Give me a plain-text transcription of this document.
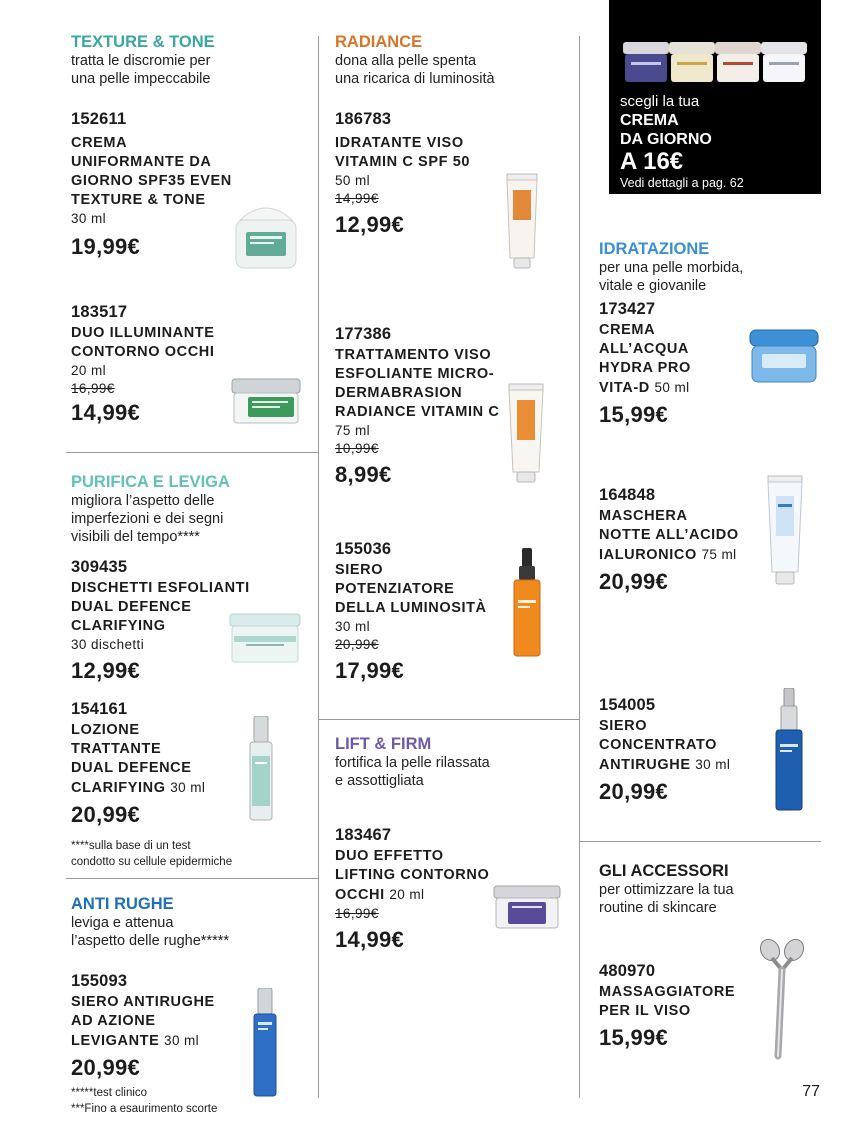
TEXTURE & TONE
tratta le discromie per
una pelle impeccabile
152611
CREMA
UNIFORMANTE DA
GIORNO SPF35 EVEN
TEXTURE & TONE
30 ml
19,99€
183517
DUO ILLUMINANTE
CONTORNO OCCHI
20 ml
16,99€
14,99€
PURIFICA E LEVIGA
migliora l’aspetto delle
imperfezioni e dei segni
visibili del tempo****
309435
DISCHETTI ESFOLIANTI
DUAL DEFENCE
CLARIFYING
30 dischetti
12,99€
154161
LOZIONE
TRATTANTE
DUAL DEFENCE
CLARIFYING 30 ml
20,99€
****sulla base di un test
condotto su cellule epidermiche
ANTI RUGHE
leviga e attenua
l’aspetto delle rughe*****
155093
SIERO ANTIRUGHE
AD AZIONE
LEVIGANTE 30 ml
20,99€
*****test clinico
***Fino a esaurimento scorte
RADIANCE
dona alla pelle spenta
una ricarica di luminosità
186783
IDRATANTE VISO
VITAMIN C SPF 50
50 ml
14,99€
12,99€
177386
TRATTAMENTO VISO
ESFOLIANTE MICRO-
DERMABRASION
RADIANCE VITAMIN C
75 ml
10,99€
8,99€
155036
SIERO
POTENZIATORE
DELLA LUMINOSITÀ
30 ml
20,99€
17,99€
LIFT & FIRM
fortifica la pelle rilassata
e assottigliata
183467
DUO EFFETTO
LIFTING CONTORNO
OCCHI 20 ml
16,99€
14,99€
scegli la tua
CREMA
DA GIORNO
A 16€
Vedi dettagli a pag. 62
IDRATAZIONE
per una pelle morbida,
vitale e giovanile
173427
CREMA
ALL’ACQUA
HYDRA PRO
VITA-D 50 ml
15,99€
164848
MASCHERA
NOTTE ALL’ACIDO
IALURONICO 75 ml
20,99€
154005
SIERO
CONCENTRATO
ANTIRUGHE 30 ml
20,99€
GLI ACCESSORI
per ottimizzare la tua
routine di skincare
480970
MASSAGGIATORE
PER IL VISO
15,99€
77
